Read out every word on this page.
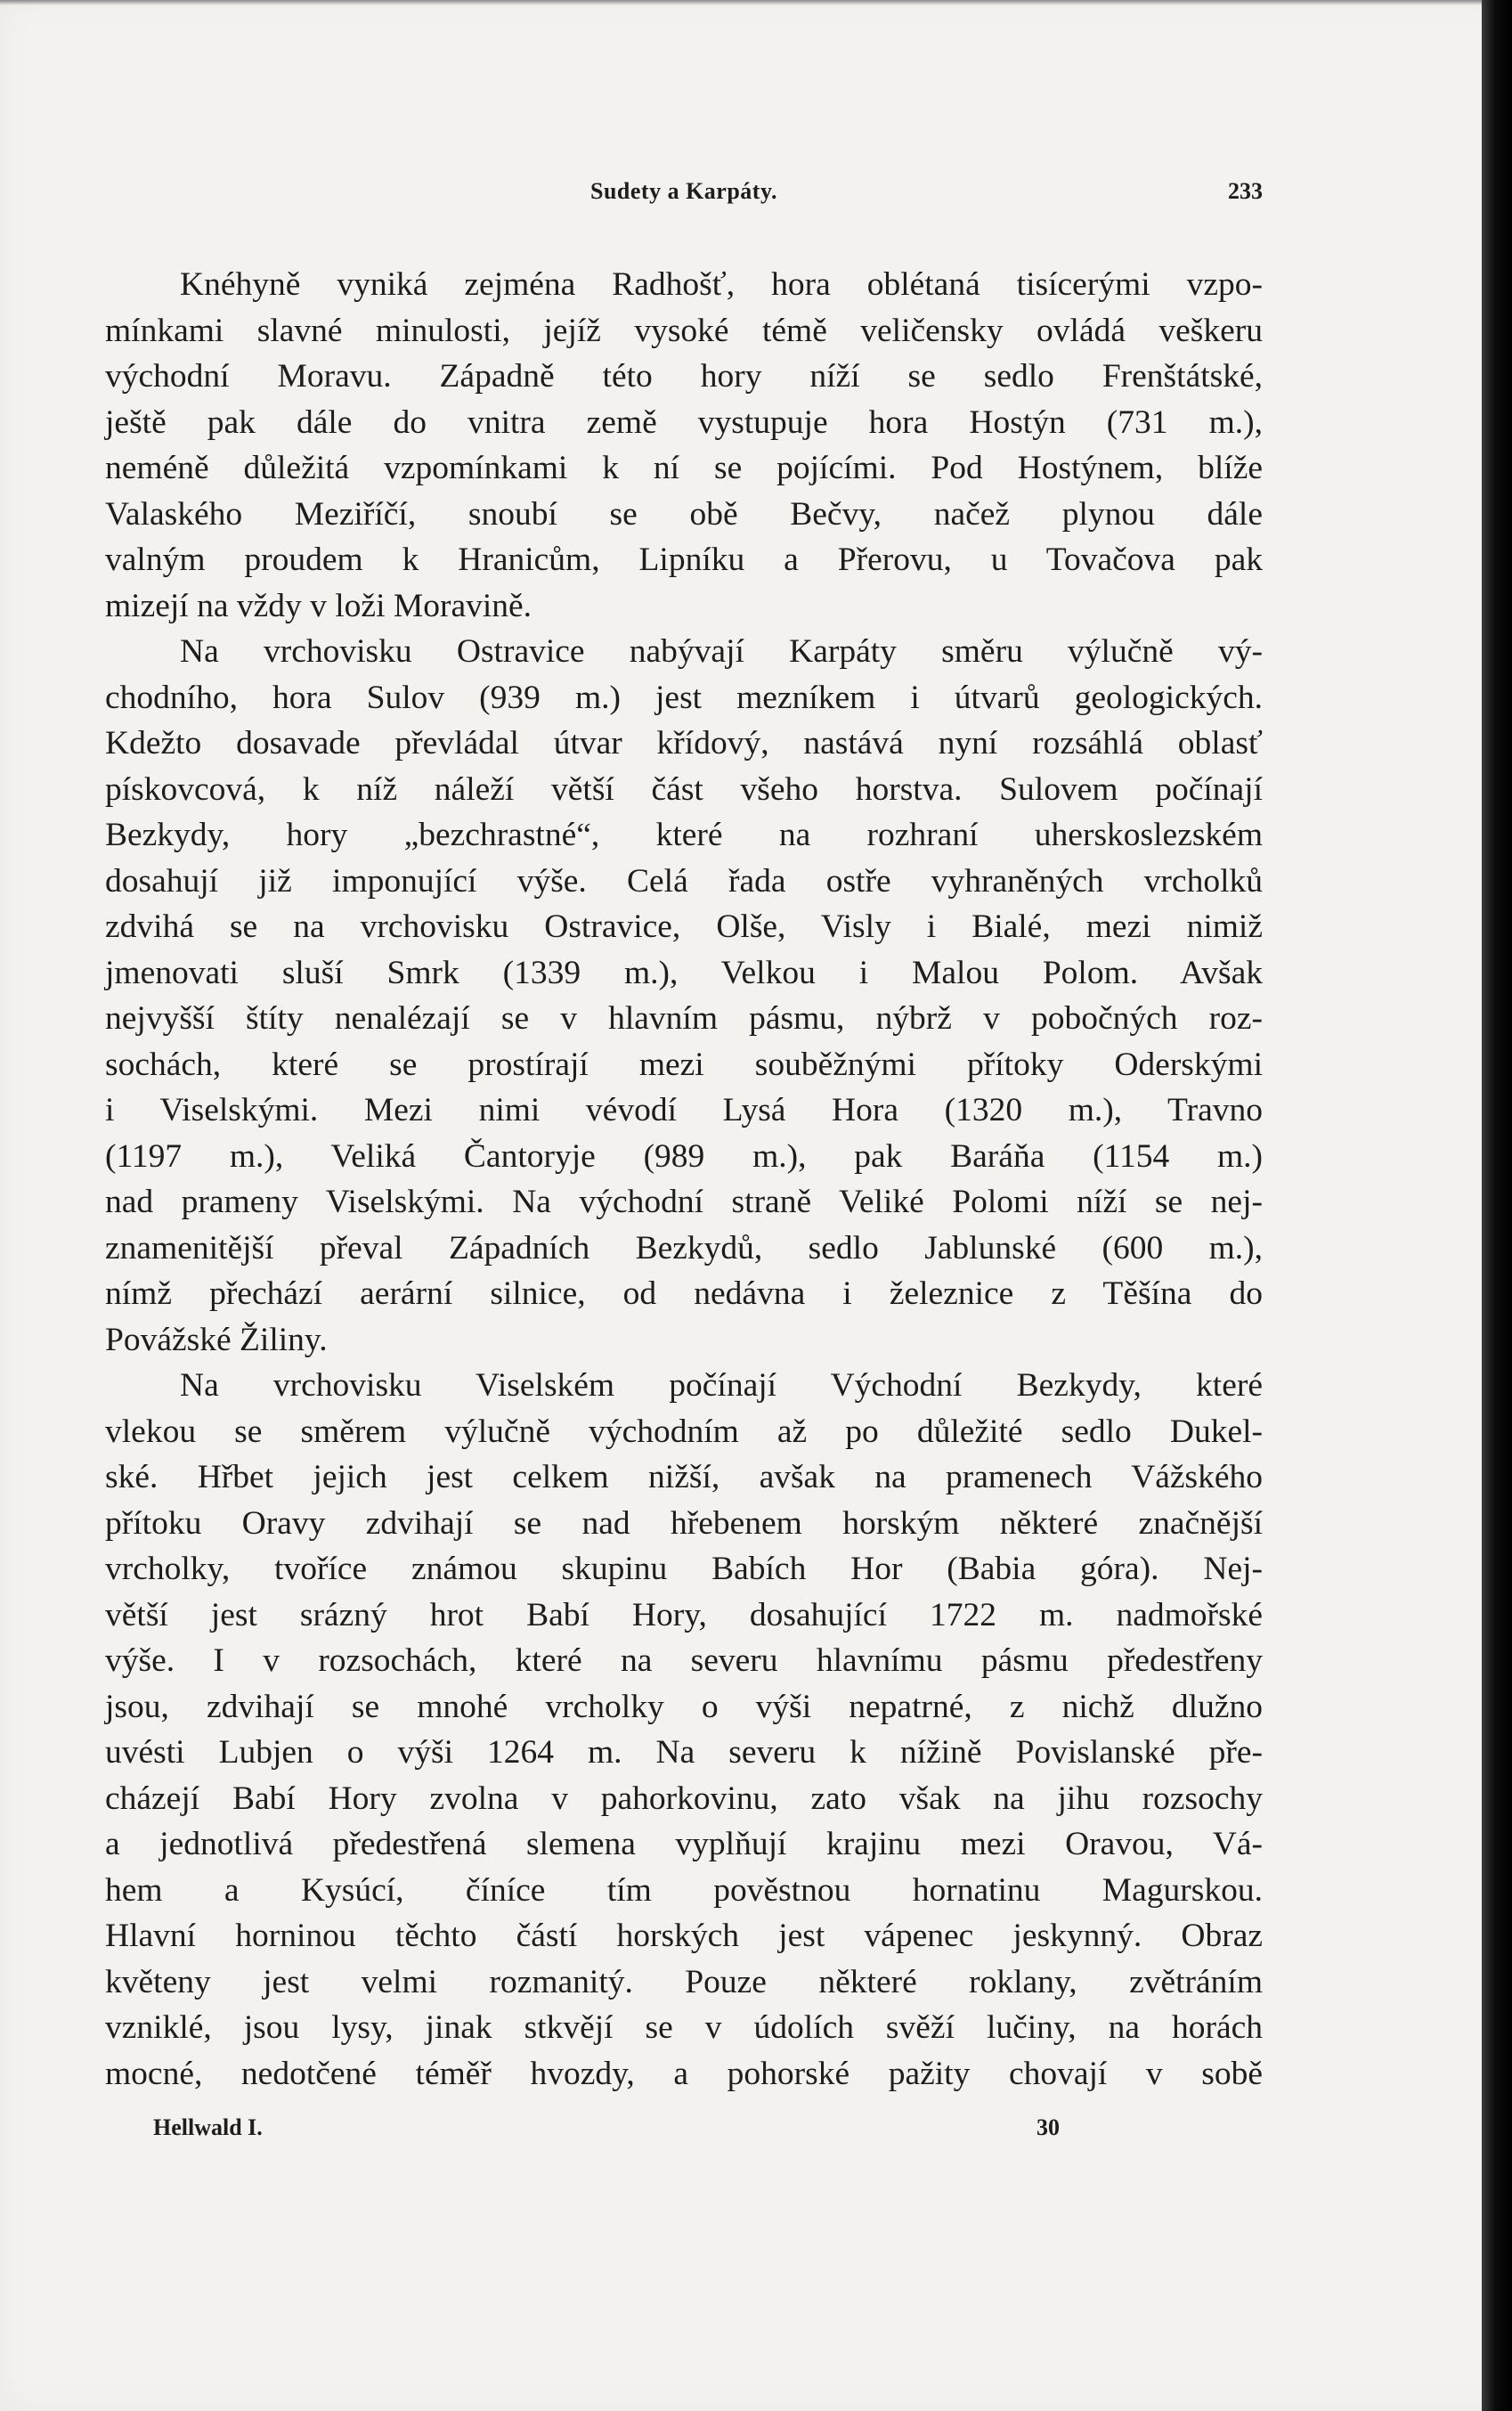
Sudety a Karpáty.	233
Knéhyně vyniká zejména Radhošť, hora oblétaná tisícerými vzpo-
mínkami slavné minulosti, jejíž vysoké témě veličensky ovládá veškeru
východní Moravu. Západně této hory níží se sedlo Frenštátské,
ještě pak dále do vnitra země vystupuje hora Hostýn (731 m.),
neméně důležitá vzpomínkami k ní se pojícími. Pod Hostýnem, blíže
Valaského Meziříčí, snoubí se obě Bečvy, načež plynou dále
valným proudem k Hranicům, Lipníku a Přerovu, u Tovačova pak
mizejí na vždy v loži Moravině.
Na vrchovisku Ostravice nabývají Karpáty směru výlučně vý-
chodního, hora Sulov (939 m.) jest mezníkem i útvarů geologických.
Kdežto dosavade převládal útvar křídový, nastává nyní rozsáhlá oblasť
pískovcová, k níž náleží větší část všeho horstva. Sulovem počínají
Bezkydy, hory „bezchrastné“, které na rozhraní uherskoslezském
dosahují již imponující výše. Celá řada ostře vyhraněných vrcholků
zdvihá se na vrchovisku Ostravice, Olše, Visly i Bialé, mezi nimiž
jmenovati sluší Smrk (1339 m.), Velkou i Malou Polom. Avšak
nejvyšší štíty nenalézají se v hlavním pásmu, nýbrž v pobočných roz-
sochách, které se prostírají mezi souběžnými přítoky Oderskými
i Viselskými. Mezi nimi vévodí Lysá Hora (1320 m.), Travno
(1197 m.), Veliká Čantoryje (989 m.), pak Baráňa (1154 m.)
nad prameny Viselskými. Na východní straně Veliké Polomi níží se nej-
znamenitější převal Západních Bezkydů, sedlo Jablunské (600 m.),
nímž přechází aerární silnice, od nedávna i železnice z Těšína do
Povážské Žiliny.
Na vrchovisku Viselském počínají Východní Bezkydy, které
vlekou se směrem výlučně východním až po důležité sedlo Dukel-
ské. Hřbet jejich jest celkem nižší, avšak na pramenech Vážského
přítoku Oravy zdvihají se nad hřebenem horským některé značnější
vrcholky, tvoříce známou skupinu Babích Hor (Babia góra). Nej-
větší jest srázný hrot Babí Hory, dosahující 1722 m. nadmořské
výše. I v rozsochách, které na severu hlavnímu pásmu předestřeny
jsou, zdvihají se mnohé vrcholky o výši nepatrné, z nichž dlužno
uvésti Lubjen o výši 1264 m. Na severu k nížině Povislanské pře-
cházejí Babí Hory zvolna v pahorkovinu, zato však na jihu rozsochy
a jednotlivá předestřená slemena vyplňují krajinu mezi Oravou, Vá-
hem a Kysúcí, číníce tím pověstnou hornatinu Magurskou.
Hlavní horninou těchto částí horských jest vápenec jeskynný. Obraz
květeny jest velmi rozmanitý. Pouze některé roklany, zvětráním
vzniklé, jsou lysy, jinak stkvějí se v údolích svěží lučiny, na horách
mocné, nedotčené téměř hvozdy, a pohorské pažity chovají v sobě
Hellwald I.	30
